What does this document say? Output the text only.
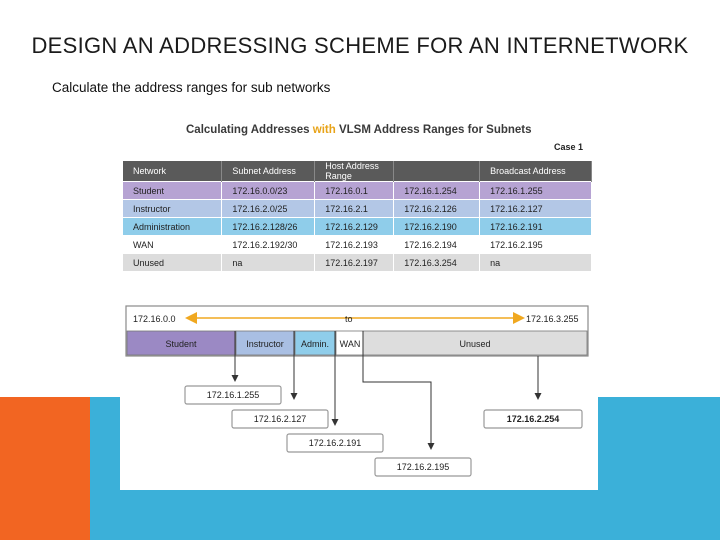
DESIGN AN ADDRESSING SCHEME FOR AN INTERNETWORK
Calculate the address ranges for sub networks
Calculating Addresses with VLSM Address Ranges for Subnets
Case 1
Network	Subnet Address	Host Address Range		Broadcast Address
Student	172.16.0.0/23	172.16.0.1	172.16.1.254	172.16.1.255
Instructor	172.16.2.0/25	172.16.2.1	172.16.2.126	172.16.2.127
Administration	172.16.2.128/26	172.16.2.129	172.16.2.190	172.16.2.191
WAN	172.16.2.192/30	172.16.2.193	172.16.2.194	172.16.2.195
Unused	na	172.16.2.197	172.16.3.254	na
172.16.0.0	to	172.16.3.255
Student	Instructor Admin. WAN	Unused
172.16.1.255
172.16.2.127
172.16.2.191
172.16.2.195
172.16.2.254
